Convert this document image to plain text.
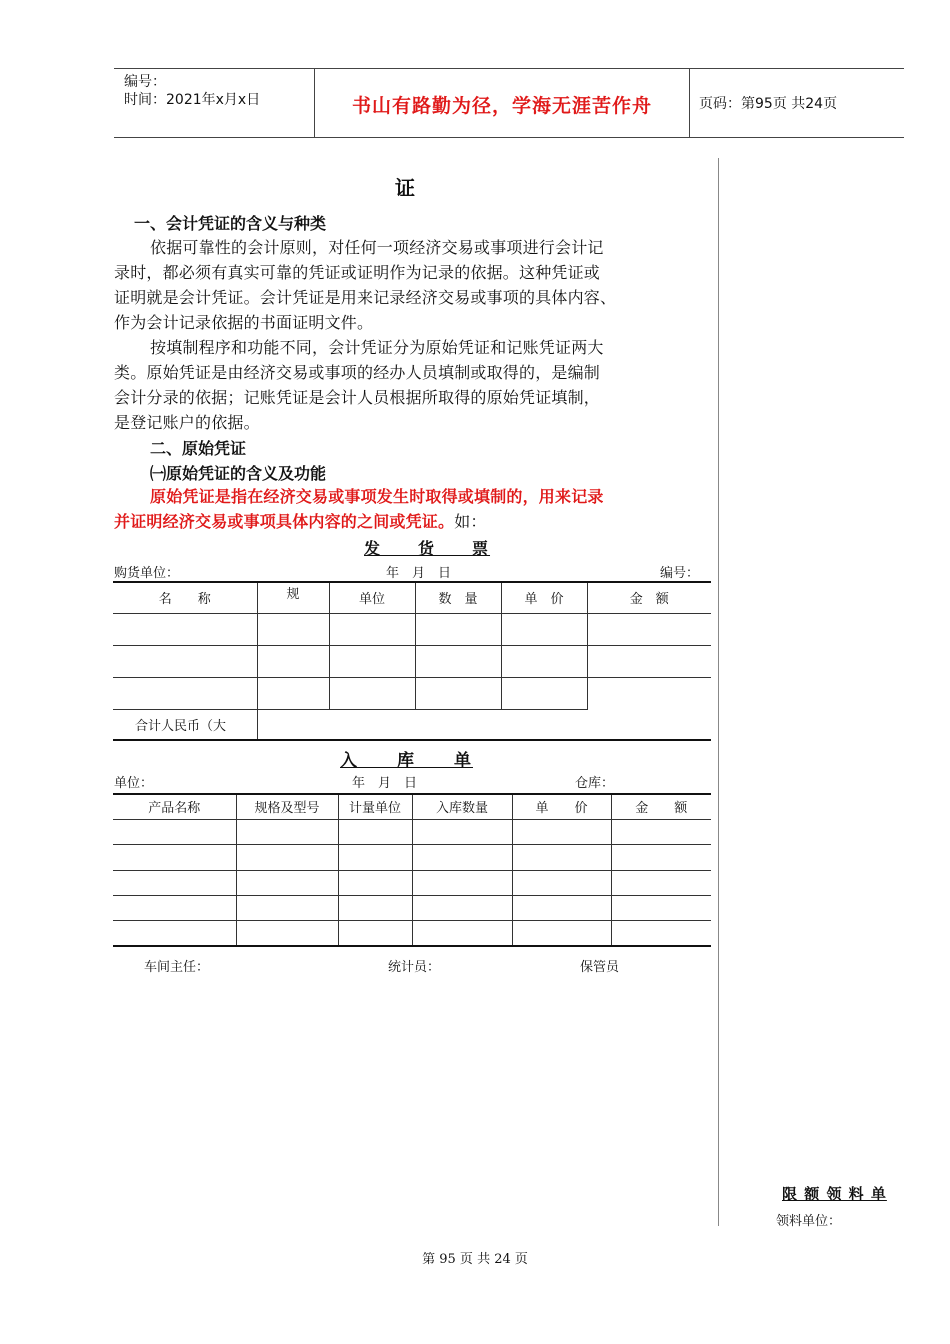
编号：
时间：2021年x月x日	书山有路勤为径，学海无涯苦作舟	页码：第95页 共24页
证
一、会计凭证的含义与种类
依据可靠性的会计原则，对任何一项经济交易或事项进行会计记
录时，都必须有真实可靠的凭证或证明作为记录的依据。这种凭证或
证明就是会计凭证。会计凭证是用来记录经济交易或事项的具体内容、
作为会计记录依据的书面证明文件。
按填制程序和功能不同，会计凭证分为原始凭证和记账凭证两大
类。原始凭证是由经济交易或事项的经办人员填制或取得的，是编制
会计分录的依据；记账凭证是会计人员根据所取得的原始凭证填制，
是登记账户的依据。
二、原始凭证
㈠原始凭证的含义及功能
原始凭证是指在经济交易或事项发生时取得或填制的，用来记录
并证明经济交易或事项具体内容的之间或凭证。如：
发　　货　　票
购货单位：	年　月　日	编号：
名　　称	规	单位	数　量	单　价	金　额

合计人民币（大					
入　　库　　单
单位：	年　月　日	仓库：
产品名称	规格及型号	计量单位	入库数量	单　　价	金　　额

车间主任：	统计员：	保管员
限 额 领 料 单
领料单位：
第 95 页 共 24 页
